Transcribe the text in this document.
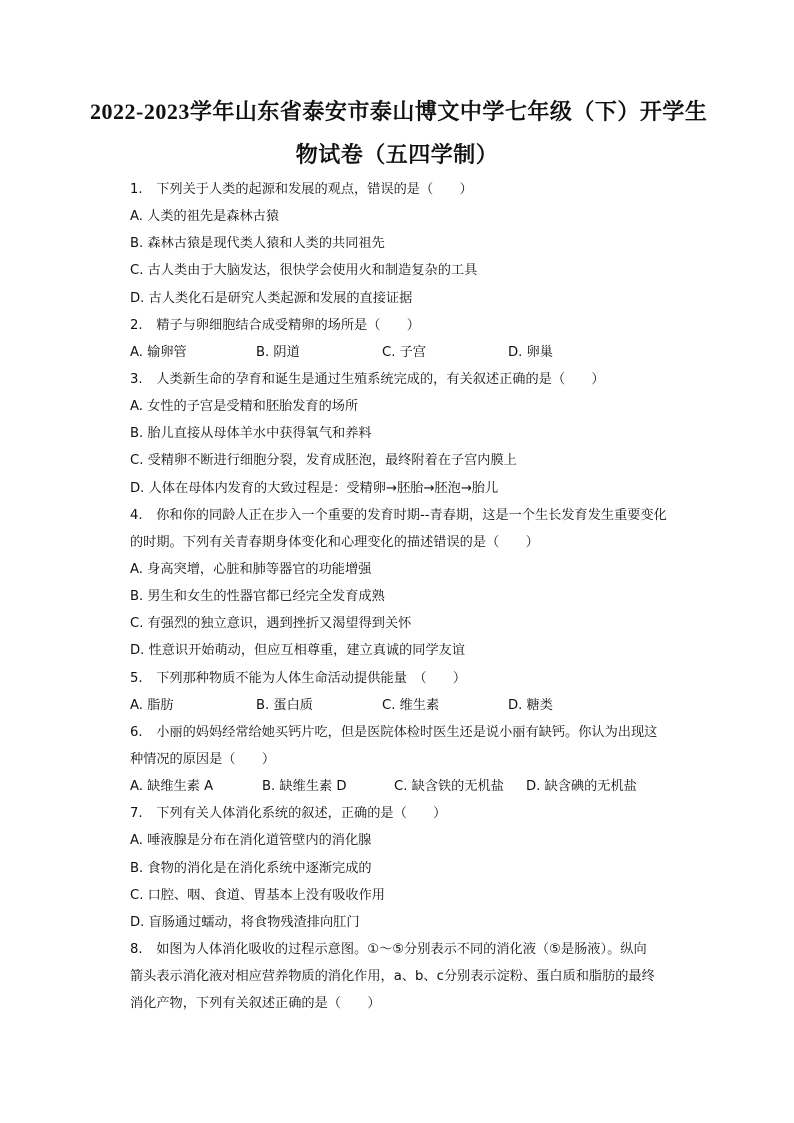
2022-2023学年山东省泰安市泰山博文中学七年级（下）开学生
物试卷（五四学制）
1. 下列关于人类的起源和发展的观点，错误的是（　　）
A. 人类的祖先是森林古猿
B. 森林古猿是现代类人猿和人类的共同祖先
C. 古人类由于大脑发达，很快学会使用火和制造复杂的工具
D. 古人类化石是研究人类起源和发展的直接证据
2. 精子与卵细胞结合成受精卵的场所是（　　）
A. 输卵管	B. 阴道	C. 子宫	D. 卵巢
3. 人类新生命的孕育和诞生是通过生殖系统完成的，有关叙述正确的是（　　）
A. 女性的子宫是受精和胚胎发育的场所
B. 胎儿直接从母体羊水中获得氧气和养料
C. 受精卵不断进行细胞分裂，发育成胚泡，最终附着在子宫内膜上
D. 人体在母体内发育的大致过程是：受精卵→胚胎→胚泡→胎儿
4. 你和你的同龄人正在步入一个重要的发育时期--青春期，这是一个生长发育发生重要变化
的时期。下列有关青春期身体变化和心理变化的描述错误的是（　　）
A. 身高突增，心脏和肺等器官的功能增强
B. 男生和女生的性器官都已经完全发育成熟
C. 有强烈的独立意识，遇到挫折又渴望得到关怀
D. 性意识开始萌动，但应互相尊重，建立真诚的同学友谊
5. 下列那种物质不能为人体生命活动提供能量　（　　）
A. 脂肪	B. 蛋白质	C. 维生素	D. 糖类
6. 小丽的妈妈经常给她买钙片吃，但是医院体检时医生还是说小丽有缺钙。你认为出现这
种情况的原因是（　　）
A. 缺维生素 A	B. 缺维生素 D	C. 缺含铁的无机盐	D. 缺含碘的无机盐
7. 下列有关人体消化系统的叙述，正确的是（　　）
A. 唾液腺是分布在消化道管壁内的消化腺
B. 食物的消化是在消化系统中逐渐完成的
C. 口腔、咽、食道、胃基本上没有吸收作用
D. 盲肠通过蠕动，将食物残渣排向肛门
8. 如图为人体消化吸收的过程示意图。①～⑤分别表示不同的消化液（⑤是肠液）。纵向
箭头表示消化液对相应营养物质的消化作用，a、b、c分别表示淀粉、蛋白质和脂肪的最终
消化产物，下列有关叙述正确的是（　　）
